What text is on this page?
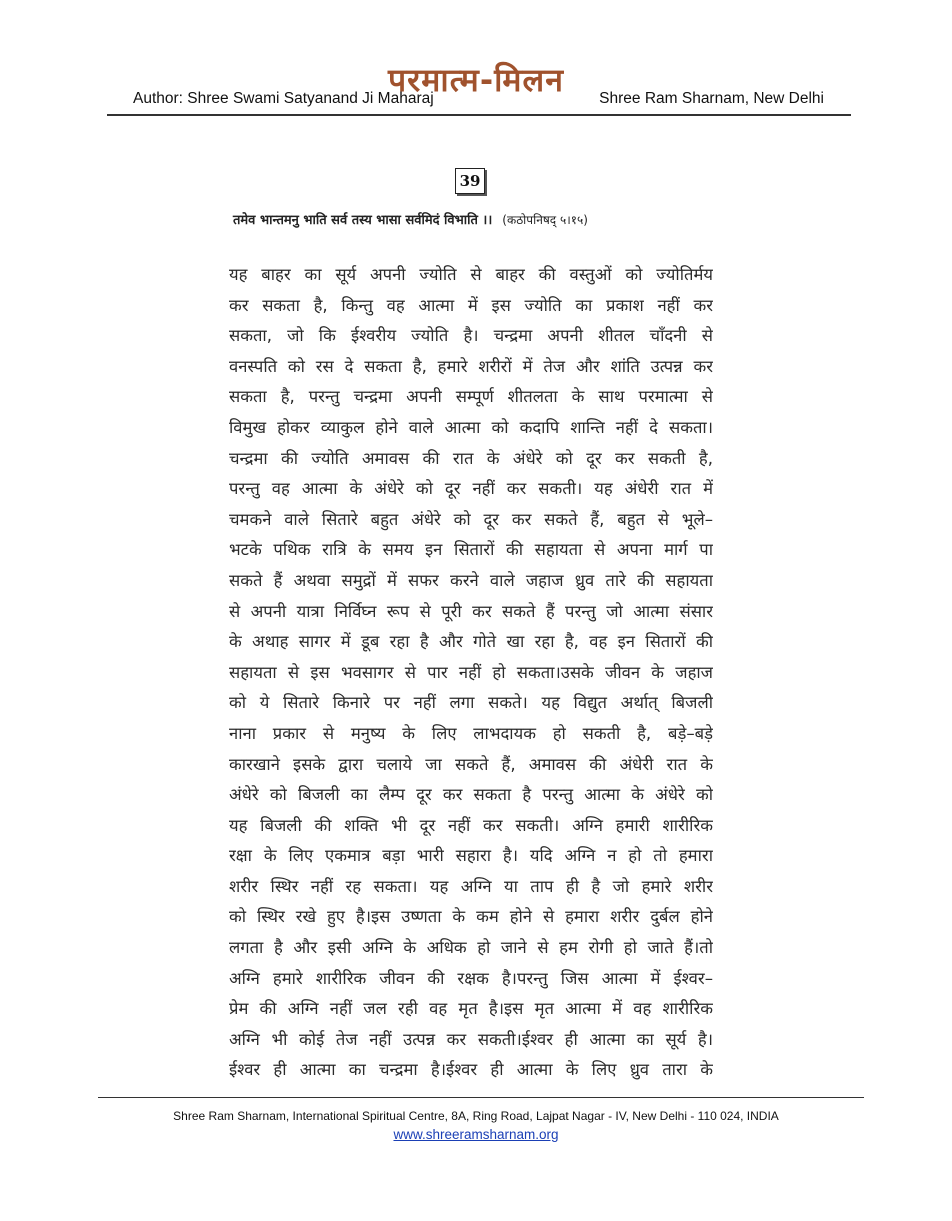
परमात्म-मिलन
Author: Shree Swami Satyanand Ji Maharaj	Shree Ram Sharnam, New Delhi
39
तमेव भान्तमनु भाति सर्व तस्य भासा सर्वमिदं विभाति ।। (कठोपनिषद् ५।१५)
यह बाहर का सूर्य अपनी ज्योति से बाहर की वस्तुओं को ज्योतिर्मय
कर सकता है, किन्तु वह आत्मा में इस ज्योति का प्रकाश नहीं कर
सकता, जो कि ईश्वरीय ज्योति है। चन्द्रमा अपनी शीतल चाँदनी से
वनस्पति को रस दे सकता है, हमारे शरीरों में तेज और शांति उत्पन्न कर
सकता है, परन्तु चन्द्रमा अपनी सम्पूर्ण शीतलता के साथ परमात्मा से
विमुख होकर व्याकुल होने वाले आत्मा को कदापि शान्ति नहीं दे सकता।
चन्द्रमा की ज्योति अमावस की रात के अंधेरे को दूर कर सकती है,
परन्तु वह आत्मा के अंधेरे को दूर नहीं कर सकती। यह अंधेरी रात में
चमकने वाले सितारे बहुत अंधेरे को दूर कर सकते हैं, बहुत से भूले–
भटके पथिक रात्रि के समय इन सितारों की सहायता से अपना मार्ग पा
सकते हैं अथवा समुद्रों में सफर करने वाले जहाज ध्रुव तारे की सहायता
से अपनी यात्रा निर्विघ्न रूप से पूरी कर सकते हैं परन्तु जो आत्मा संसार
के अथाह सागर में डूब रहा है और गोते खा रहा है, वह इन सितारों की
सहायता से इस भवसागर से पार नहीं हो सकता।उसके जीवन के जहाज
को ये सितारे किनारे पर नहीं लगा सकते। यह विद्युत अर्थात् बिजली
नाना प्रकार से मनुष्य के लिए लाभदायक हो सकती है, बड़े–बड़े
कारखाने इसके द्वारा चलाये जा सकते हैं, अमावस की अंधेरी रात के
अंधेरे को बिजली का लैम्प दूर कर सकता है परन्तु आत्मा के अंधेरे को
यह बिजली की शक्ति भी दूर नहीं कर सकती। अग्नि हमारी शारीरिक
रक्षा के लिए एकमात्र बड़ा भारी सहारा है। यदि अग्नि न हो तो हमारा
शरीर स्थिर नहीं रह सकता। यह अग्नि या ताप ही है जो हमारे शरीर
को स्थिर रखे हुए है।इस उष्णता के कम होने से हमारा शरीर दुर्बल होने
लगता है और इसी अग्नि के अधिक हो जाने से हम रोगी हो जाते हैं।तो
अग्नि हमारे शारीरिक जीवन की रक्षक है।परन्तु जिस आत्मा में ईश्वर–
प्रेम की अग्नि नहीं जल रही वह मृत है।इस मृत आत्मा में वह शारीरिक
अग्नि भी कोई तेज नहीं उत्पन्न कर सकती।ईश्वर ही आत्मा का सूर्य है।
ईश्वर ही आत्मा का चन्द्रमा है।ईश्वर ही आत्मा के लिए ध्रुव तारा के
Shree Ram Sharnam, International Spiritual Centre, 8A, Ring Road, Lajpat Nagar - IV, New Delhi - 110 024, INDIA
www.shreeramsharnam.org
